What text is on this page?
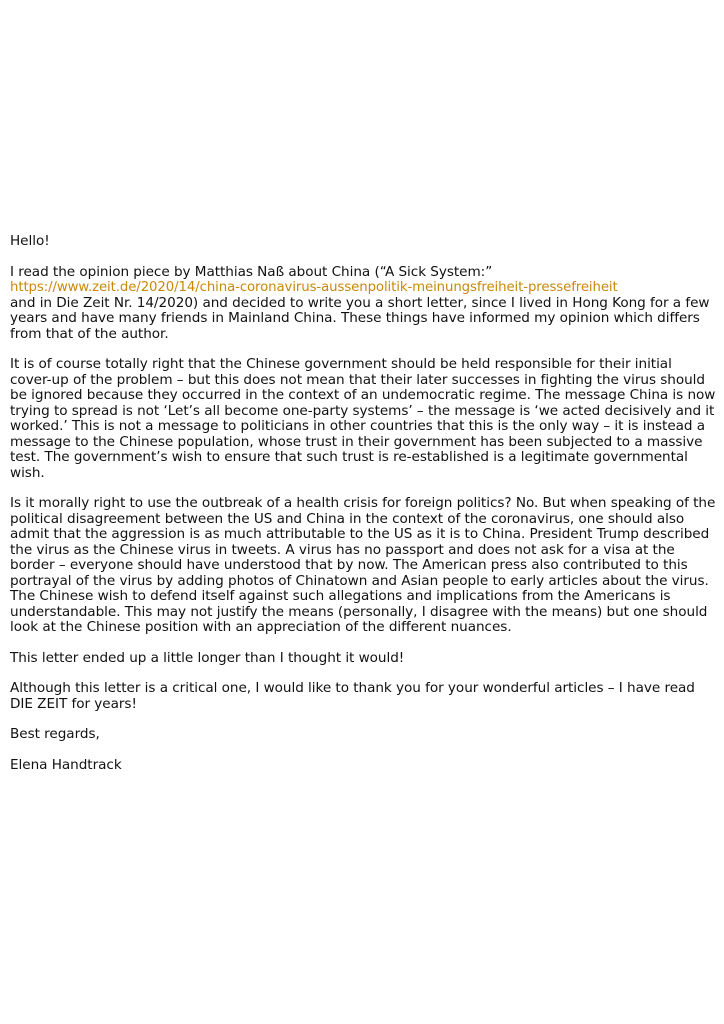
Hello!

I read the opinion piece by Matthias Naß about China (“A Sick System:”
https://www.zeit.de/2020/14/china-coronavirus-aussenpolitik-meinungsfreiheit-pressefreiheit
and in Die Zeit Nr. 14/2020) and decided to write you a short letter, since I lived in Hong Kong for a few years and have many friends in Mainland China. These things have informed my opinion which differs from that of the author.

It is of course totally right that the Chinese government should be held responsible for their initial cover-up of the problem – but this does not mean that their later successes in fighting the virus should be ignored because they occurred in the context of an undemocratic regime. The message China is now trying to spread is not ‘Let’s all become one-party systems’ – the message is ‘we acted decisively and it worked.’ This is not a message to politicians in other countries that this is the only way – it is instead a message to the Chinese population, whose trust in their government has been subjected to a massive test. The government’s wish to ensure that such trust is re-established is a legitimate governmental wish.

Is it morally right to use the outbreak of a health crisis for foreign politics? No. But when speaking of the political disagreement between the US and China in the context of the coronavirus, one should also admit that the aggression is as much attributable to the US as it is to China. President Trump described the virus as the Chinese virus in tweets. A virus has no passport and does not ask for a visa at the border – everyone should have understood that by now. The American press also contributed to this portrayal of the virus by adding photos of Chinatown and Asian people to early articles about the virus. The Chinese wish to defend itself against such allegations and implications from the Americans is understandable. This may not justify the means (personally, I disagree with the means) but one should look at the Chinese position with an appreciation of the different nuances.

This letter ended up a little longer than I thought it would!

Although this letter is a critical one, I would like to thank you for your wonderful articles – I have read DIE ZEIT for years!

Best regards,

Elena Handtrack
